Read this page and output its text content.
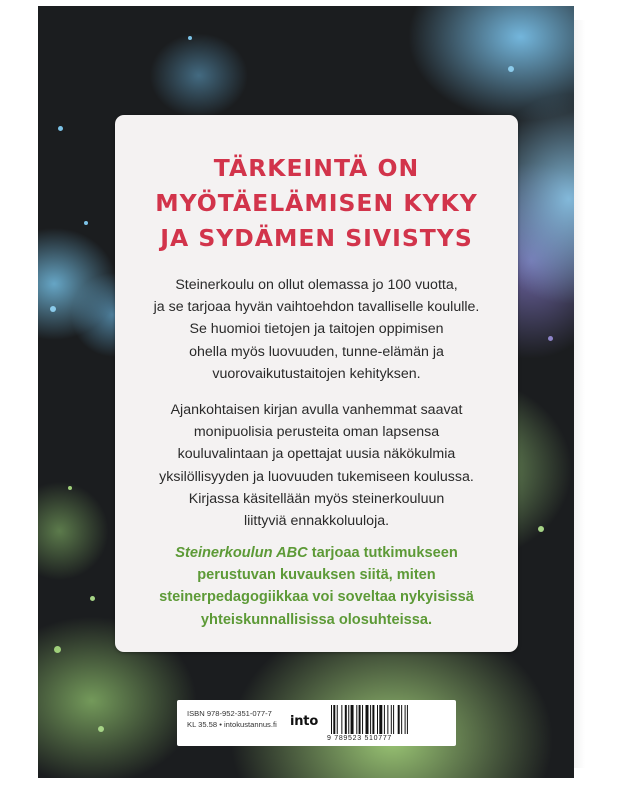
TÄRKEINTÄ ON
MYÖTÄELÄMISEN KYKY
JA SYDÄMEN SIVISTYS

Steinerkoulu on ollut olemassa jo 100 vuotta,
ja se tarjoaa hyvän vaihtoehdon tavalliselle koululle.
Se huomioi tietojen ja taitojen oppimisen
ohella myös luovuuden, tunne-elämän ja
vuorovaikutustaitojen kehityksen.

Ajankohtaisen kirjan avulla vanhemmat saavat
monipuolisia perusteita oman lapsensa
kouluvalintaan ja opettajat uusia näkökulmia
yksilöllisyyden ja luovuuden tukemiseen koulussa.
Kirjassa käsitellään myös steinerkouluun
liittyviä ennakkoluuloja.

Steinerkoulun ABC tarjoaa tutkimukseen
perustuvan kuvauksen siitä, miten
steinerpedagogiikkaa voi soveltaa nykyisissä
yhteiskunnallisissa olosuhteissa.

ISBN 978-952-351-077-7
KL 35.58 • intokustannus.fi into
9 789523 510777
